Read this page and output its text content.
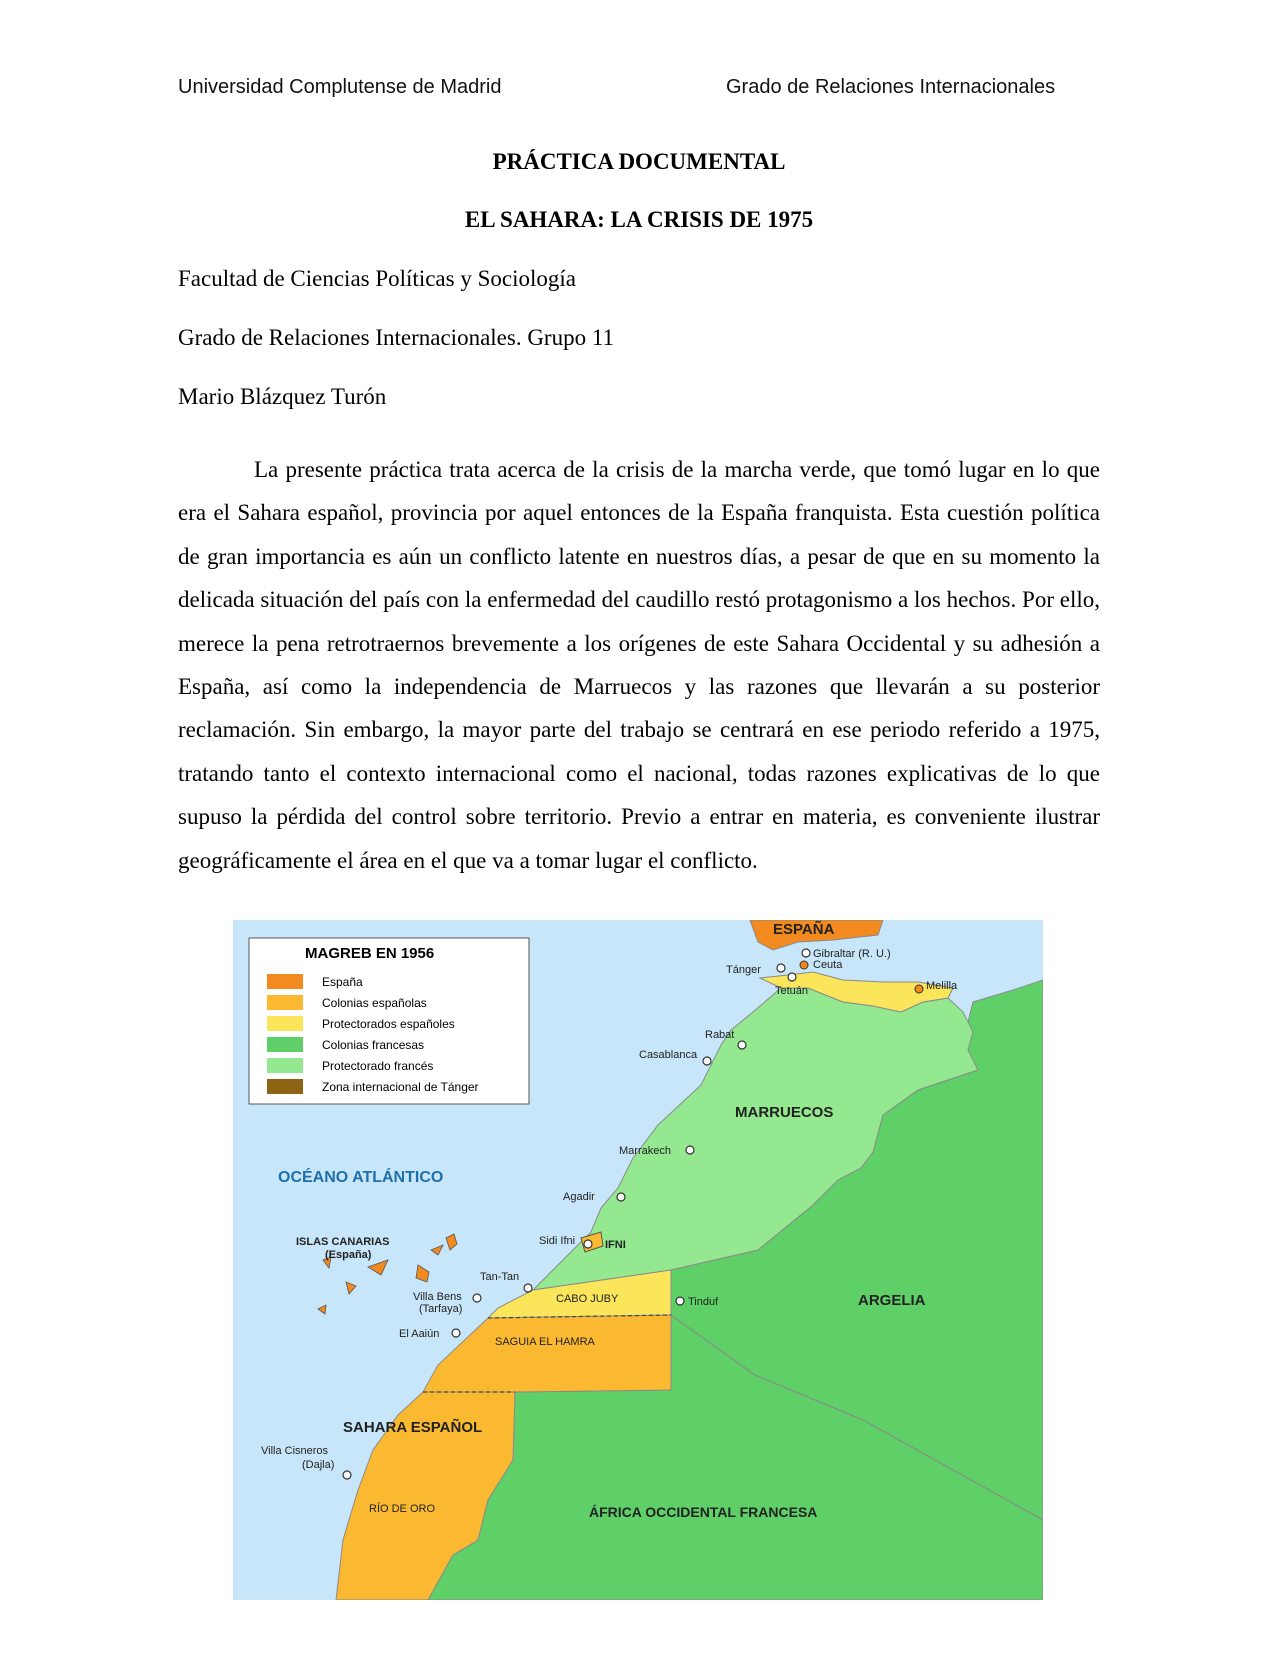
Universidad Complutense de Madrid	Grado de Relaciones Internacionales
PRÁCTICA DOCUMENTAL
EL SAHARA: LA CRISIS DE 1975
Facultad de Ciencias Políticas y Sociología
Grado de Relaciones Internacionales. Grupo 11
Mario Blázquez Turón

La presente práctica trata acerca de la crisis de la marcha verde, que tomó lugar en lo que era el Sahara español, provincia por aquel entonces de la España franquista. Esta cuestión política de gran importancia es aún un conflicto latente en nuestros días, a pesar de que en su momento la delicada situación del país con la enfermedad del caudillo restó protagonismo a los hechos. Por ello, merece la pena retrotraernos brevemente a los orígenes de este Sahara Occidental y su adhesión a España, así como la independencia de Marruecos y las razones que llevarán a su posterior reclamación. Sin embargo, la mayor parte del trabajo se centrará en ese periodo referido a 1975, tratando tanto el contexto internacional como el nacional, todas razones explicativas de lo que supuso la pérdida del control sobre territorio. Previo a entrar en materia, es conveniente ilustrar geográficamente el área en el que va a tomar lugar el conflicto.

MAGREB EN 1956
España
Colonias españolas
Protectorados españoles
Colonias francesas
Protectorado francés
Zona internacional de Tánger
ESPAÑA
Gibraltar (R. U.)
Ceuta
Tánger
Tetuán	Melilla
Rabat
Casablanca
MARRUECOS
Marrakech
OCÉANO ATLÁNTICO
Agadir
ISLAS CANARIAS
(España)
Sidi Ifni	IFNI
Tan-Tan
Villa Bens
(Tarfaya)
CABO JUBY	Tinduf	ARGELIA
El Aaiún
SAGUIA EL HAMRA
SAHARA ESPAÑOL
Villa Cisneros
(Dajla)
RÍO DE ORO	ÁFRICA OCCIDENTAL FRANCESA
